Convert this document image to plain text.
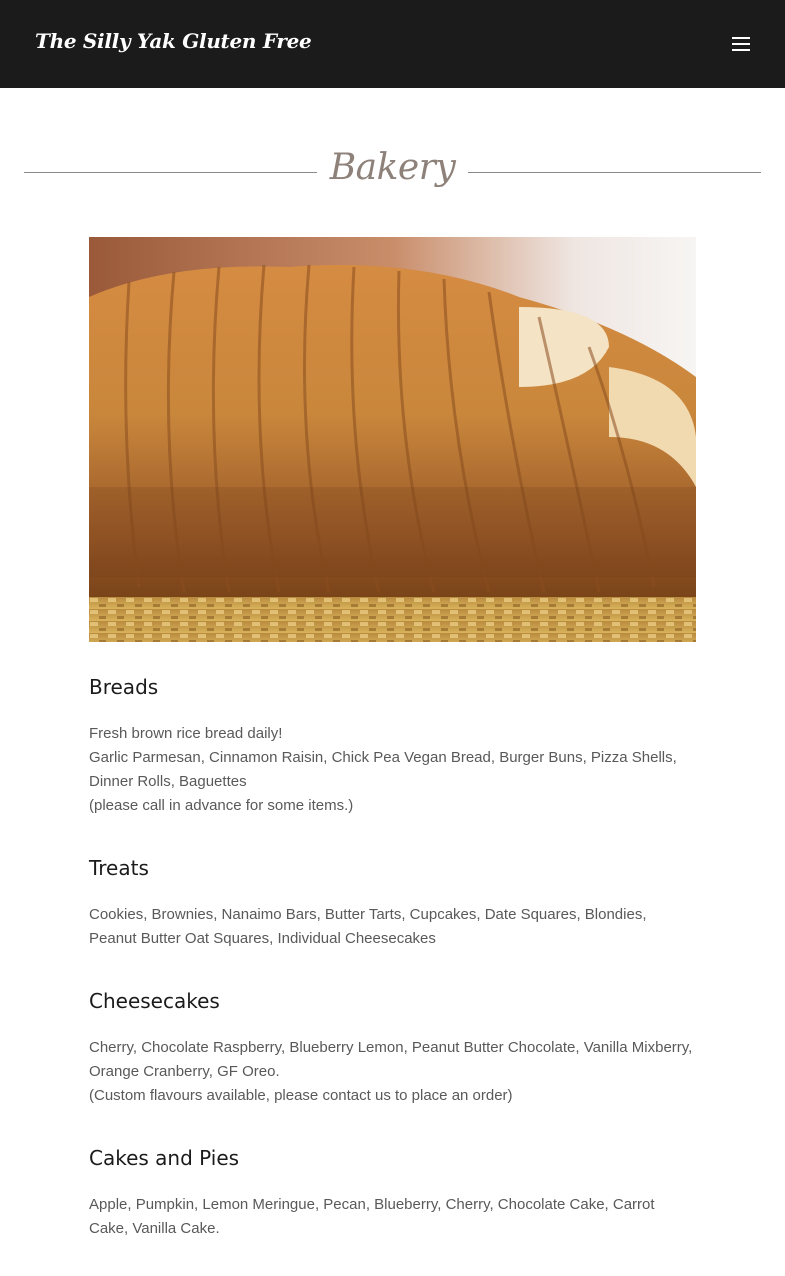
The Silly Yak Gluten Free
Bakery
Breads

Fresh brown rice bread daily!

Garlic Parmesan, Cinnamon Raisin, Chick Pea Vegan Bread, Burger Buns, Pizza Shells, Dinner Rolls, Baguettes

(please call in advance for some items.)

Treats

Cookies, Brownies, Nanaimo Bars, Butter Tarts, Cupcakes, Date Squares, Blondies, Peanut Butter Oat Squares, Individual Cheesecakes

Cheesecakes

Cherry, Chocolate Raspberry, Blueberry Lemon, Peanut Butter Chocolate, Vanilla Mixberry, Orange Cranberry, GF Oreo.

(Custom flavours available, please contact us to place an order)

Cakes and Pies

Apple, Pumpkin, Lemon Meringue, Pecan, Blueberry, Cherry, Chocolate Cake, Carrot Cake, Vanilla Cake.
